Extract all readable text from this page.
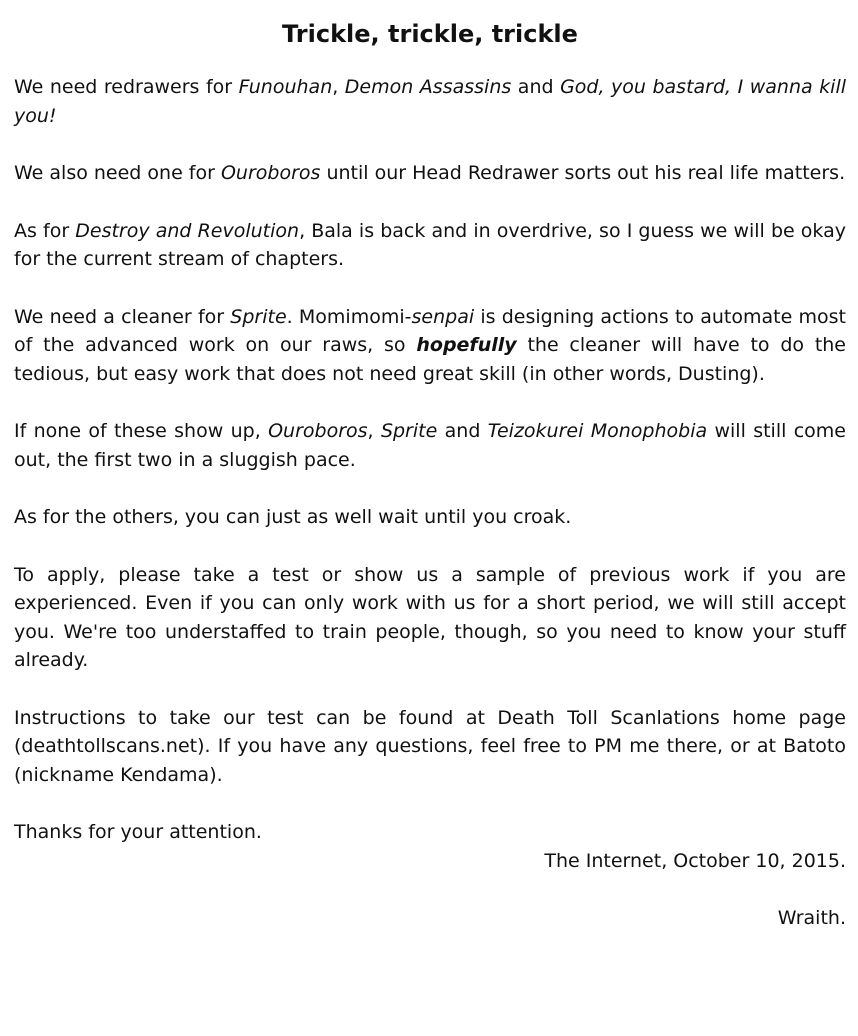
Trickle, trickle, trickle

We need redrawers for Funouhan, Demon Assassins and God, you bastard, I wanna kill you!

We also need one for Ouroboros until our Head Redrawer sorts out his real life matters.

As for Destroy and Revolution, Bala is back and in overdrive, so I guess we will be okay for the current stream of chapters.

We need a cleaner for Sprite. Momimomi-senpai is designing actions to automate most of the advanced work on our raws, so hopefully the cleaner will have to do the tedious, but easy work that does not need great skill (in other words, Dusting).

If none of these show up, Ouroboros, Sprite and Teizokurei Monophobia will still come out, the first two in a sluggish pace.

As for the others, you can just as well wait until you croak.

To apply, please take a test or show us a sample of previous work if you are experienced. Even if you can only work with us for a short period, we will still accept you. We're too understaffed to train people, though, so you need to know your stuff already.

Instructions to take our test can be found at Death Toll Scanlations home page (deathtollscans.net). If you have any questions, feel free to PM me there, or at Batoto (nickname Kendama).

Thanks for your attention.

The Internet, October 10, 2015.

Wraith.
